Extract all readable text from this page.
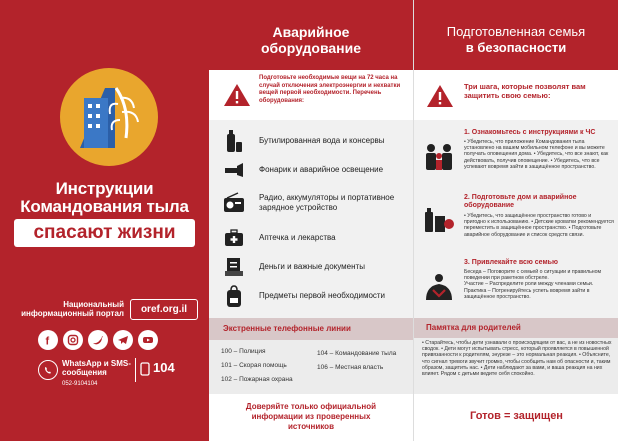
Инструкции Командования тыла
спасают жизни
Национальный информационный портал	oref.org.il
f
WhatsApp и SMS-сообщения
052-9104104
104
Аварийное оборудование
Подготовьте необходимые вещи на 72 часа на случай отключения электроэнергии и нехватки вещей первой необходимости. Перечень оборудования:
Бутилированная вода и консервы
Фонарик и аварийное освещение
Радио, аккумуляторы и портативное зарядное устройство
Аптечка и лекарства
Деньги и важные документы
Предметы первой необходимости
Экстренные телефонные линии
100 – Полиция
101 – Скорая помощь
102 – Пожарная охрана
104 – Командование тыла
106 – Местная власть
Доверяйте только официальной информации из проверенных источников
Подготовленная семья
в безопасности
Три шага, которые позволят вам защитить свою семью:
1. Ознакомьтесь с инструкциями к ЧС
• Убедитесь, что приложение Командования тыла установлено на вашем мобильном телефоне и вы можете получать оповещения дома. • Убедитесь, что все знают, как действовать, получив оповещение. • Убедитесь, что все успевают вовремя зайти в защищённое пространство.
2. Подготовьте дом и аварийное оборудование
• Убедитесь, что защищённое пространство готово и пригодно к использованию. • Детские кроватки рекомендуется переместить в защищённое пространство. • Подготовьте аварийное оборудование и список средств связи.
3. Привлекайте всю семью
Беседа – Поговорите с семьей о ситуации и правильном поведении при ракетном обстреле.
Участие – Распределите роли между членами семьи.
Практика – Потренируйтесь успеть вовремя зайти в защищённое пространство.
Памятка для родителей
• Старайтесь, чтобы дети узнавали о происходящем от вас, а не из новостных сводок. • Дети могут испытывать стресс, который проявляется в повышенной привязанности к родителям, энурезе – это нормальная реакция. • Объясните, что сигнал тревоги звучит громко, чтобы сообщить нам об опасности и, таким образом, защитить нас. • Дети наблюдают за вами, и ваша реакция на них влияет. Рядом с детьми ведите себя спокойно.
Готов = защищен
